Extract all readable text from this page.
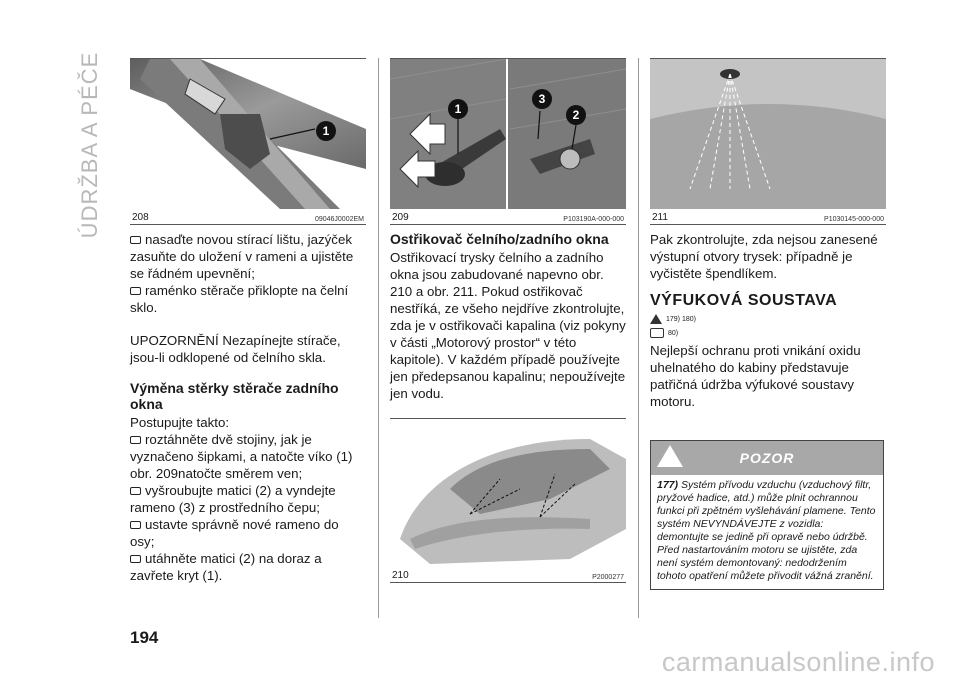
ÚDRŽBA A PÉČE	1
208	09046J0002EM

nasaďte novou stírací lištu, jazýček zasuňte do uložení v rameni a ujistěte se řádném upevnění;

raménko stěrače přiklopte na čelní sklo.

UPOZORNĚNÍ Nezapínejte stírače, jsou-li odklopené od čelního skla.

Výměna stěrky stěrače zadního okna

Postupujte takto:

roztáhněte dvě stojiny, jak je vyznačeno šipkami, a natočte víko (1) obr. 209natočte směrem ven;

vyšroubujte matici (2) a vyndejte rameno (3) z prostředního čepu;

ustavte správně nové rameno do osy;

utáhněte matici (2) na doraz a zavřete kryt (1).

1
3
2
209	P103190A-000-000
Ostřikovač čelního/zadního okna

Ostřikovací trysky čelního a zadního okna jsou zabudované napevno obr. 210 a obr. 211. Pokud ostřikovač nestříká, ze všeho nejdříve zkontrolujte, zda je v ostřikovači kapalina (viz pokyny v části „Motorový prostor“ v této kapitole). V každém případě používejte jen předepsanou kapalinu; nepoužívejte jen vodu.

210	P2000277
211	P1030145-000-000

Pak zkontrolujte, zda nejsou zanesené výstupní otvory trysek: případně je vyčistěte špendlíkem.

VÝFUKOVÁ SOUSTAVA
179) 180)
80)

Nejlepší ochranu proti vnikání oxidu uhelnatého do kabiny představuje patřičná údržba výfukové soustavy motoru.

POZOR
177) Systém přívodu vzduchu (vzduchový filtr, pryžové hadice, atd.) může plnit ochrannou funkci při zpětném vyšlehávání plamene. Tento systém NEVYNDÁVEJTE z vozidla: demontujte se jedině při opravě nebo údržbě. Před nastartováním motoru se ujistěte, zda není systém demontovaný: nedodržením tohoto opatření můžete přivodit vážná zranění.
194
carmanualsonline.info
